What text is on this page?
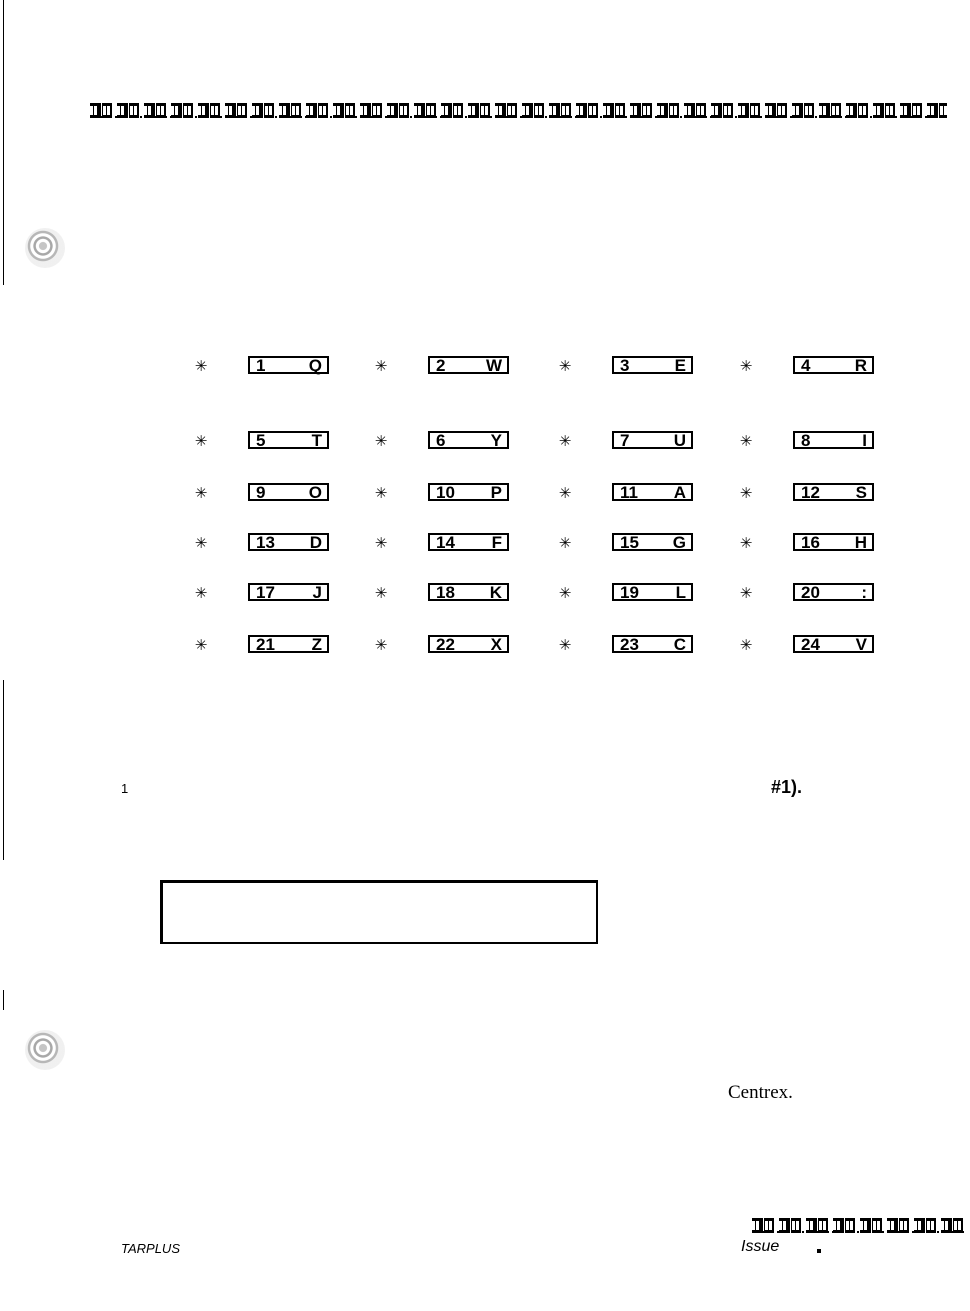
✳	1	Q	✳	2 W	✳	3	E	✳	4	R
✳	5	T	✳	6	Y	✳	7	U	✳	8	I
✳	9	O	✳	10 P	✳	11 A	✳	12 S
✳	13 D	✳	14 F	✳	15 G	✳	16 H
✳	17 J	✳	18 K	✳	19 L	✳	20 :
✳	21 Z	✳	22 X	✳	23 C	✳	24 V
1	#1).
Centrex.
TARPLUS	Issue
